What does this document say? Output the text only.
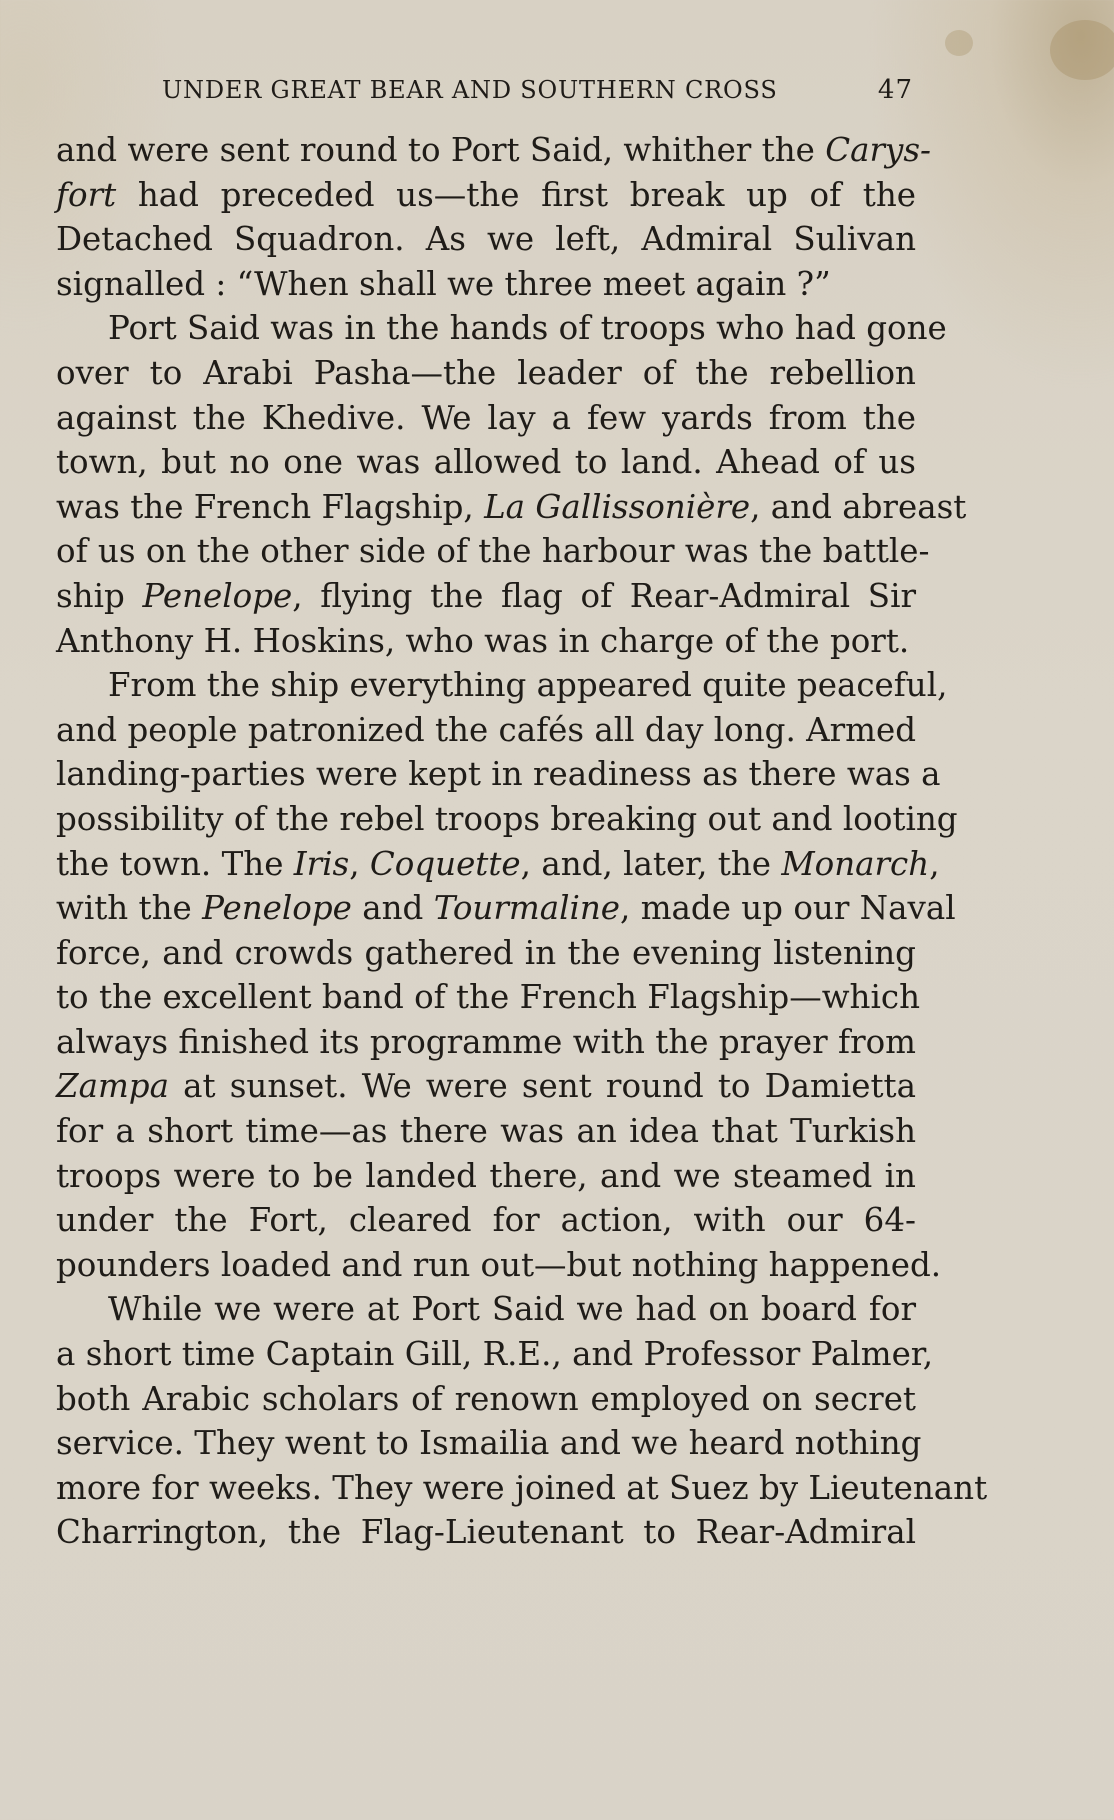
UNDER GREAT BEAR AND SOUTHERN CROSS	47
and were sent round to Port Said, whither the Carys-
fort had preceded us—the first break up of the
Detached Squadron. As we left, Admiral Sulivan
signalled : “When shall we three meet again ?”
Port Said was in the hands of troops who had gone
over to Arabi Pasha—the leader of the rebellion
against the Khedive. We lay a few yards from the
town, but no one was allowed to land. Ahead of us
was the French Flagship, La Gallissonière, and abreast
of us on the other side of the harbour was the battle-
ship Penelope, flying the flag of Rear-Admiral Sir
Anthony H. Hoskins, who was in charge of the port.
From the ship everything appeared quite peaceful,
and people patronized the cafés all day long. Armed
landing-parties were kept in readiness as there was a
possibility of the rebel troops breaking out and looting
the town. The Iris, Coquette, and, later, the Monarch,
with the Penelope and Tourmaline, made up our Naval
force, and crowds gathered in the evening listening
to the excellent band of the French Flagship—which
always finished its programme with the prayer from
Zampa at sunset. We were sent round to Damietta
for a short time—as there was an idea that Turkish
troops were to be landed there, and we steamed in
under the Fort, cleared for action, with our 64-
pounders loaded and run out—but nothing happened.
While we were at Port Said we had on board for
a short time Captain Gill, R.E., and Professor Palmer,
both Arabic scholars of renown employed on secret
service. They went to Ismailia and we heard nothing
more for weeks. They were joined at Suez by Lieutenant
Charrington, the Flag-Lieutenant to Rear-Admiral
